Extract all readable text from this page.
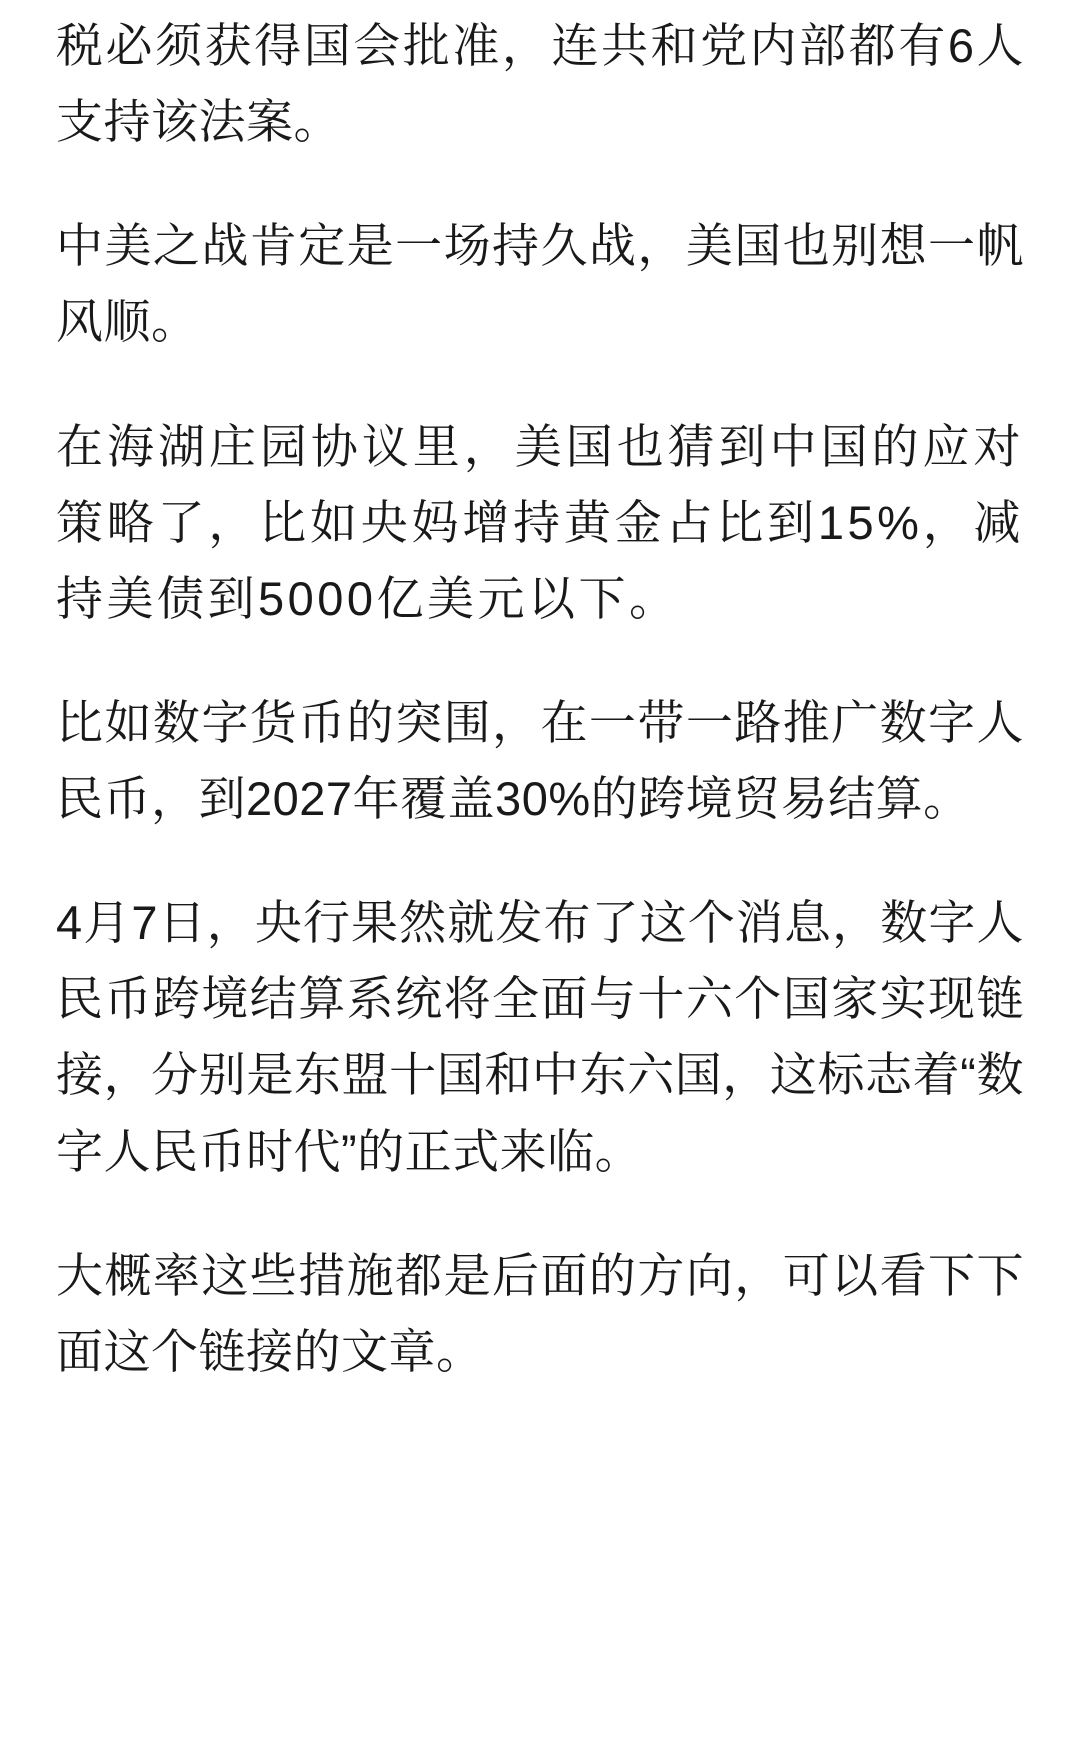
税必须获得国会批准，连共和党内部都有6人支持该法案。

中美之战肯定是一场持久战，美国也别想一帆风顺。

在海湖庄园协议里，美国也猜到中国的应对策略了，比如央妈增持黄金占比到15%，减持美债到5000亿美元以下。

比如数字货币的突围，在一带一路推广数字人民币，到2027年覆盖30%的跨境贸易结算。

4月7日，央行果然就发布了这个消息，数字人民币跨境结算系统将全面与十六个国家实现链接，分别是东盟十国和中东六国，这标志着“数字人民币时代”的正式来临。

大概率这些措施都是后面的方向，可以看下下面这个链接的文章。
